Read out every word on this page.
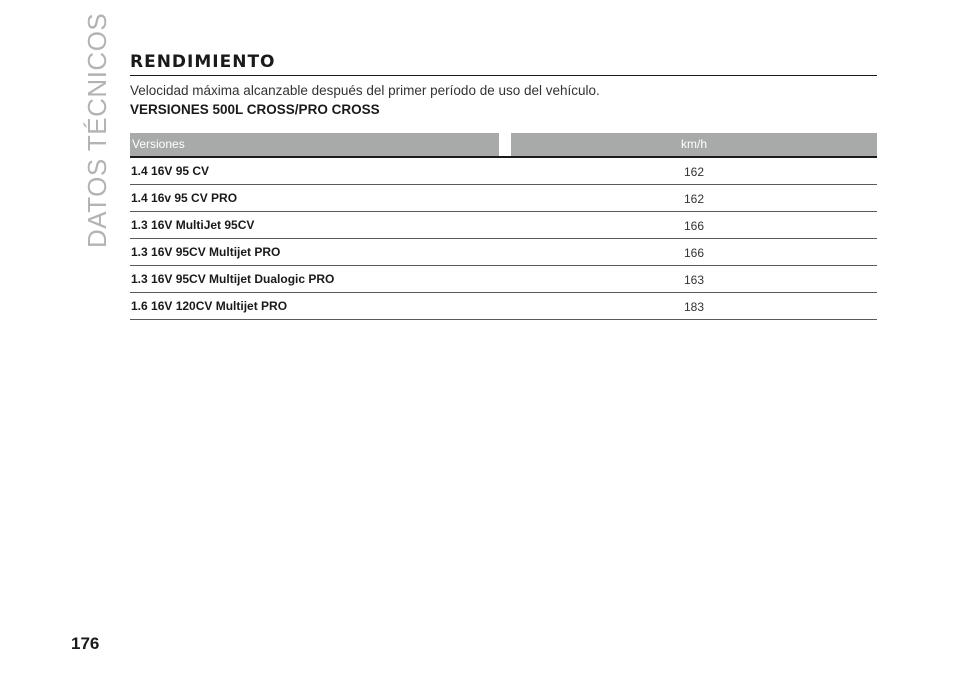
DATOS TÉCNICOS RENDIMIENTO
Velocidad máxima alcanzable después del primer período de uso del vehículo.
VERSIONES 500L CROSS/PRO CROSS
Versiones	km/h
1.4 16V 95 CV	162
1.4 16v 95 CV PRO	162
1.3 16V MultiJet 95CV	166
1.3 16V 95CV Multijet PRO	166
1.3 16V 95CV Multijet Dualogic PRO	163
1.6 16V 120CV Multijet PRO	183
176
